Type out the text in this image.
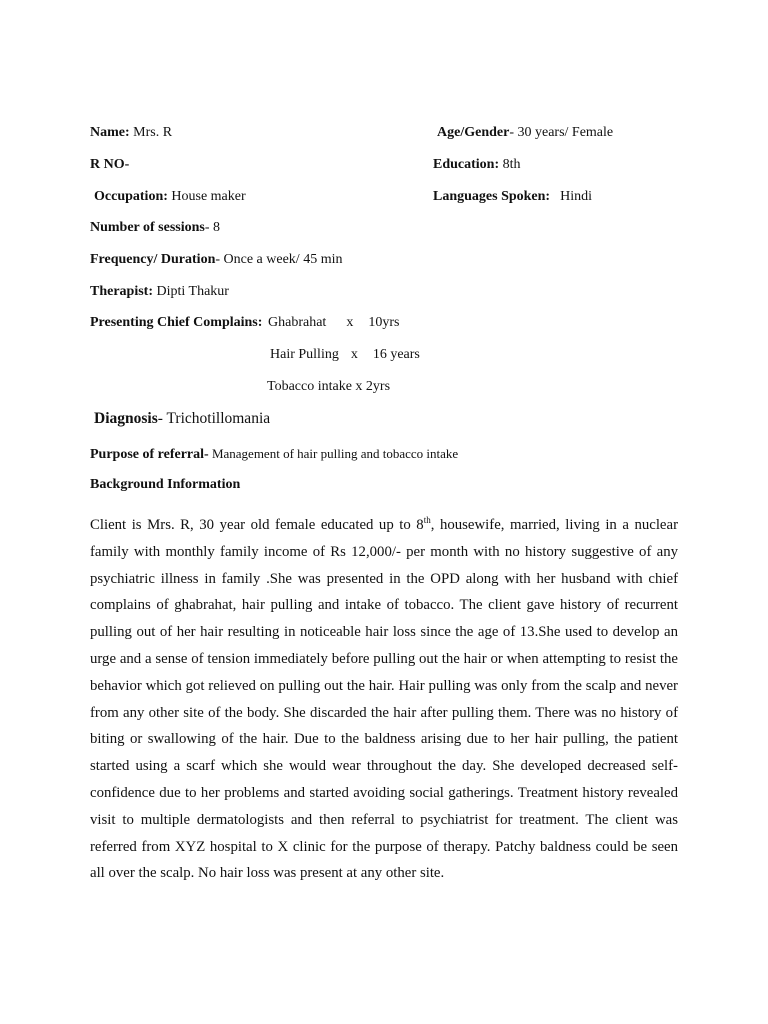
Name: Mrs. R	Age/Gender- 30 years/ Female
R NO-	Education: 8th
Occupation: House maker	Languages Spoken: Hindi
Number of sessions- 8
Frequency/ Duration- Once a week/ 45 min
Therapist: Dipti Thakur
Presenting Chief Complains: Ghabrahat x 10yrs
Hair Pulling x 16 years
Tobacco intake x 2yrs
Diagnosis- Trichotillomania
Purpose of referral- Management of hair pulling and tobacco intake
Background Information

Client is Mrs. R, 30 year old female educated up to 8th, housewife, married, living in a nuclear family with monthly family income of Rs 12,000/- per month with no history suggestive of any psychiatric illness in family .She was presented in the OPD along with her husband with chief complains of ghabrahat, hair pulling and intake of tobacco. The client gave history of recurrent pulling out of her hair resulting in noticeable hair loss since the age of 13.She used to develop an urge and a sense of tension immediately before pulling out the hair or when attempting to resist the behavior which got relieved on pulling out the hair. Hair pulling was only from the scalp and never from any other site of the body. She discarded the hair after pulling them. There was no history of biting or swallowing of the hair. Due to the baldness arising due to her hair pulling, the patient started using a scarf which she would wear throughout the day. She developed decreased self-confidence due to her problems and started avoiding social gatherings. Treatment history revealed visit to multiple dermatologists and then referral to psychiatrist for treatment. The client was referred from XYZ hospital to X clinic for the purpose of therapy. Patchy baldness could be seen all over the scalp. No hair loss was present at any other site.
